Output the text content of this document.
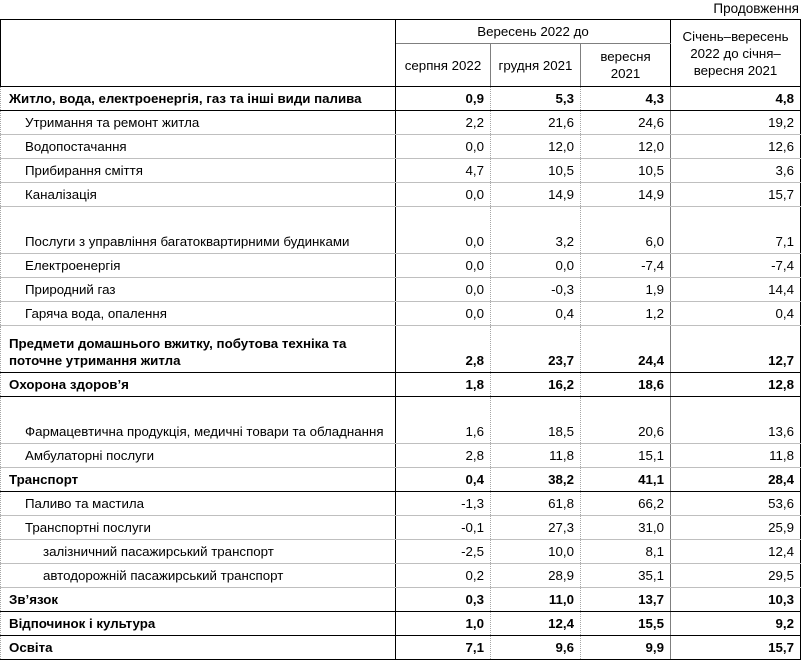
Продовження
	Вересень 2022 до			Січень–вересень 2022 до січня–вересня 2021
	серпня 2022	грудня 2021	вересня 2021	
Житло, вода, електроенергія, газ та інші види палива	0,9	5,3	4,3	4,8
Утримання та ремонт житла	2,2	21,6	24,6	19,2
Водопостачання	0,0	12,0	12,0	12,6
Прибирання сміття	4,7	10,5	10,5	3,6
Каналізація	0,0	14,9	14,9	15,7
Послуги з управління багатоквартирними будинками	0,0	3,2	6,0	7,1
Електроенергія	0,0	0,0	-7,4	-7,4
Природний газ	0,0	-0,3	1,9	14,4
Гаряча вода, опалення	0,0	0,4	1,2	0,4
Предмети домашнього вжитку, побутова техніка та поточне утримання житла	2,8	23,7	24,4	12,7
Охорона здоров’я	1,8	16,2	18,6	12,8
Фармацевтична продукція, медичні товари та обладнання	1,6	18,5	20,6	13,6
Амбулаторні послуги	2,8	11,8	15,1	11,8
Транспорт	0,4	38,2	41,1	28,4
Паливо та мастила	-1,3	61,8	66,2	53,6
Транспортні послуги	-0,1	27,3	31,0	25,9
залізничний пасажирський транспорт	-2,5	10,0	8,1	12,4
автодорожній пасажирський транспорт	0,2	28,9	35,1	29,5
Зв’язок	0,3	11,0	13,7	10,3
Відпочинок і культура	1,0	12,4	15,5	9,2
Освіта	7,1	9,6	9,9	15,7
